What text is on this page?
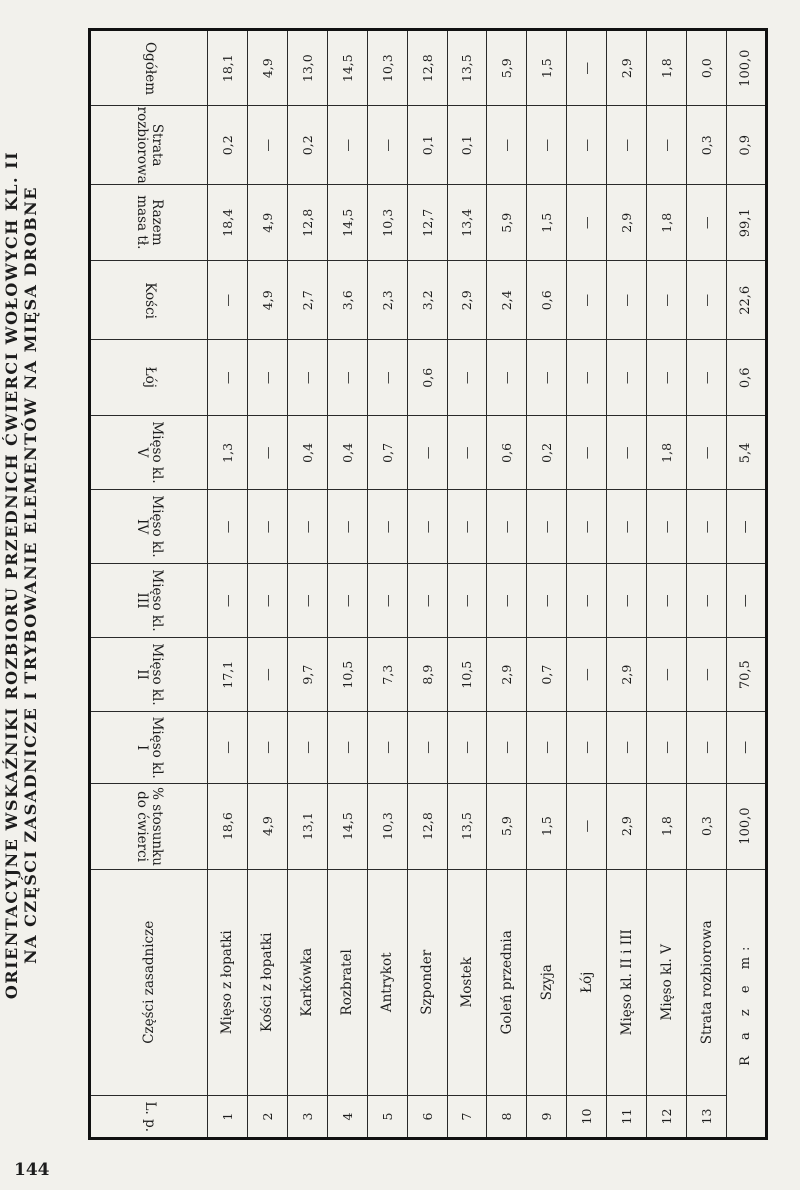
ORIENTACYJNE WSKAŹNIKI ROZBIORU PRZEDNICH ĆWIERCI WOŁOWYCH KL. II NA CZĘŚCI ZASADNICZE I TRYBOWANIE ELEMENTÓW NA MIĘSA DROBNE
L. p.	Części zasadnicze	% stosunku do ćwierci	Mięso kl. I	Mięso kl. II	Mięso kl. III	Mięso kl. IV	Mięso kl. V	Łój	Kości	Razem masa tł.	Strata rozbiorowa	Ogółem
1	Mięso z łopatki	18,6	—	17,1	—	—	1,3	—	—	18,4	0,2	18,1
2	Kości z łopatki	4,9	—	—	—	—	—	—	4,9	4,9	—	4,9
3	Karkówka	13,1	—	9,7	—	—	0,4	—	2,7	12,8	0,2	13,0
4	Rozbratel	14,5	—	10,5	—	—	0,4	—	3,6	14,5	—	14,5
5	Antrykot	10,3	—	7,3	—	—	0,7	—	2,3	10,3	—	10,3
6	Szponder	12,8	—	8,9	—	—	—	0,6	3,2	12,7	0,1	12,8
7	Mostek	13,5	—	10,5	—	—	—	—	2,9	13,4	0,1	13,5
8	Goleń przednia	5,9	—	2,9	—	—	0,6	—	2,4	5,9	—	5,9
9	Szyja	1,5	—	0,7	—	—	0,2	—	0,6	1,5	—	1,5
10	Łój	—	—	—	—	—	—	—	—	—	—	—
11	Mięso kl. II i III	2,9	—	2,9	—	—	—	—	—	2,9	—	2,9
12	Mięso kl. V	1,8	—	—	—	—	1,8	—	—	1,8	—	1,8
13	Strata rozbiorowa	0,3	—	—	—	—	—	—	—	—	0,3	0,0
R a z e m:		100,0	—	70,5	—	—	5,4	0,6	22,6	99,1	0,9	100,0
144
